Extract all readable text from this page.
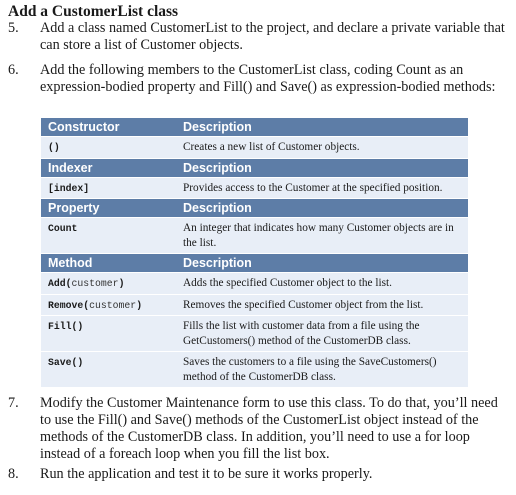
Add a CustomerList class
5.	Add a class named CustomerList to the project, and declare a private variable that can store a list of Customer objects.
6.	Add the following members to the CustomerList class, coding Count as an expression-bodied property and Fill() and Save() as expression-bodied methods:
Constructor	Description
()	Creates a new list of Customer objects.
Indexer	Description
[index]	Provides access to the Customer at the specified position.
Property	Description
Count	An integer that indicates how many Customer objects are in the list.
Method	Description
Add(customer)	Adds the specified Customer object to the list.
Remove(customer)	Removes the specified Customer object from the list.
Fill()	Fills the list with customer data from a file using the GetCustomers() method of the CustomerDB class.
Save()	Saves the customers to a file using the SaveCustomers() method of the CustomerDB class.
7.	Modify the Customer Maintenance form to use this class. To do that, you’ll need to use the Fill() and Save() methods of the CustomerList object instead of the methods of the CustomerDB class. In addition, you’ll need to use a for loop instead of a foreach loop when you fill the list box.
8.	Run the application and test it to be sure it works properly.
